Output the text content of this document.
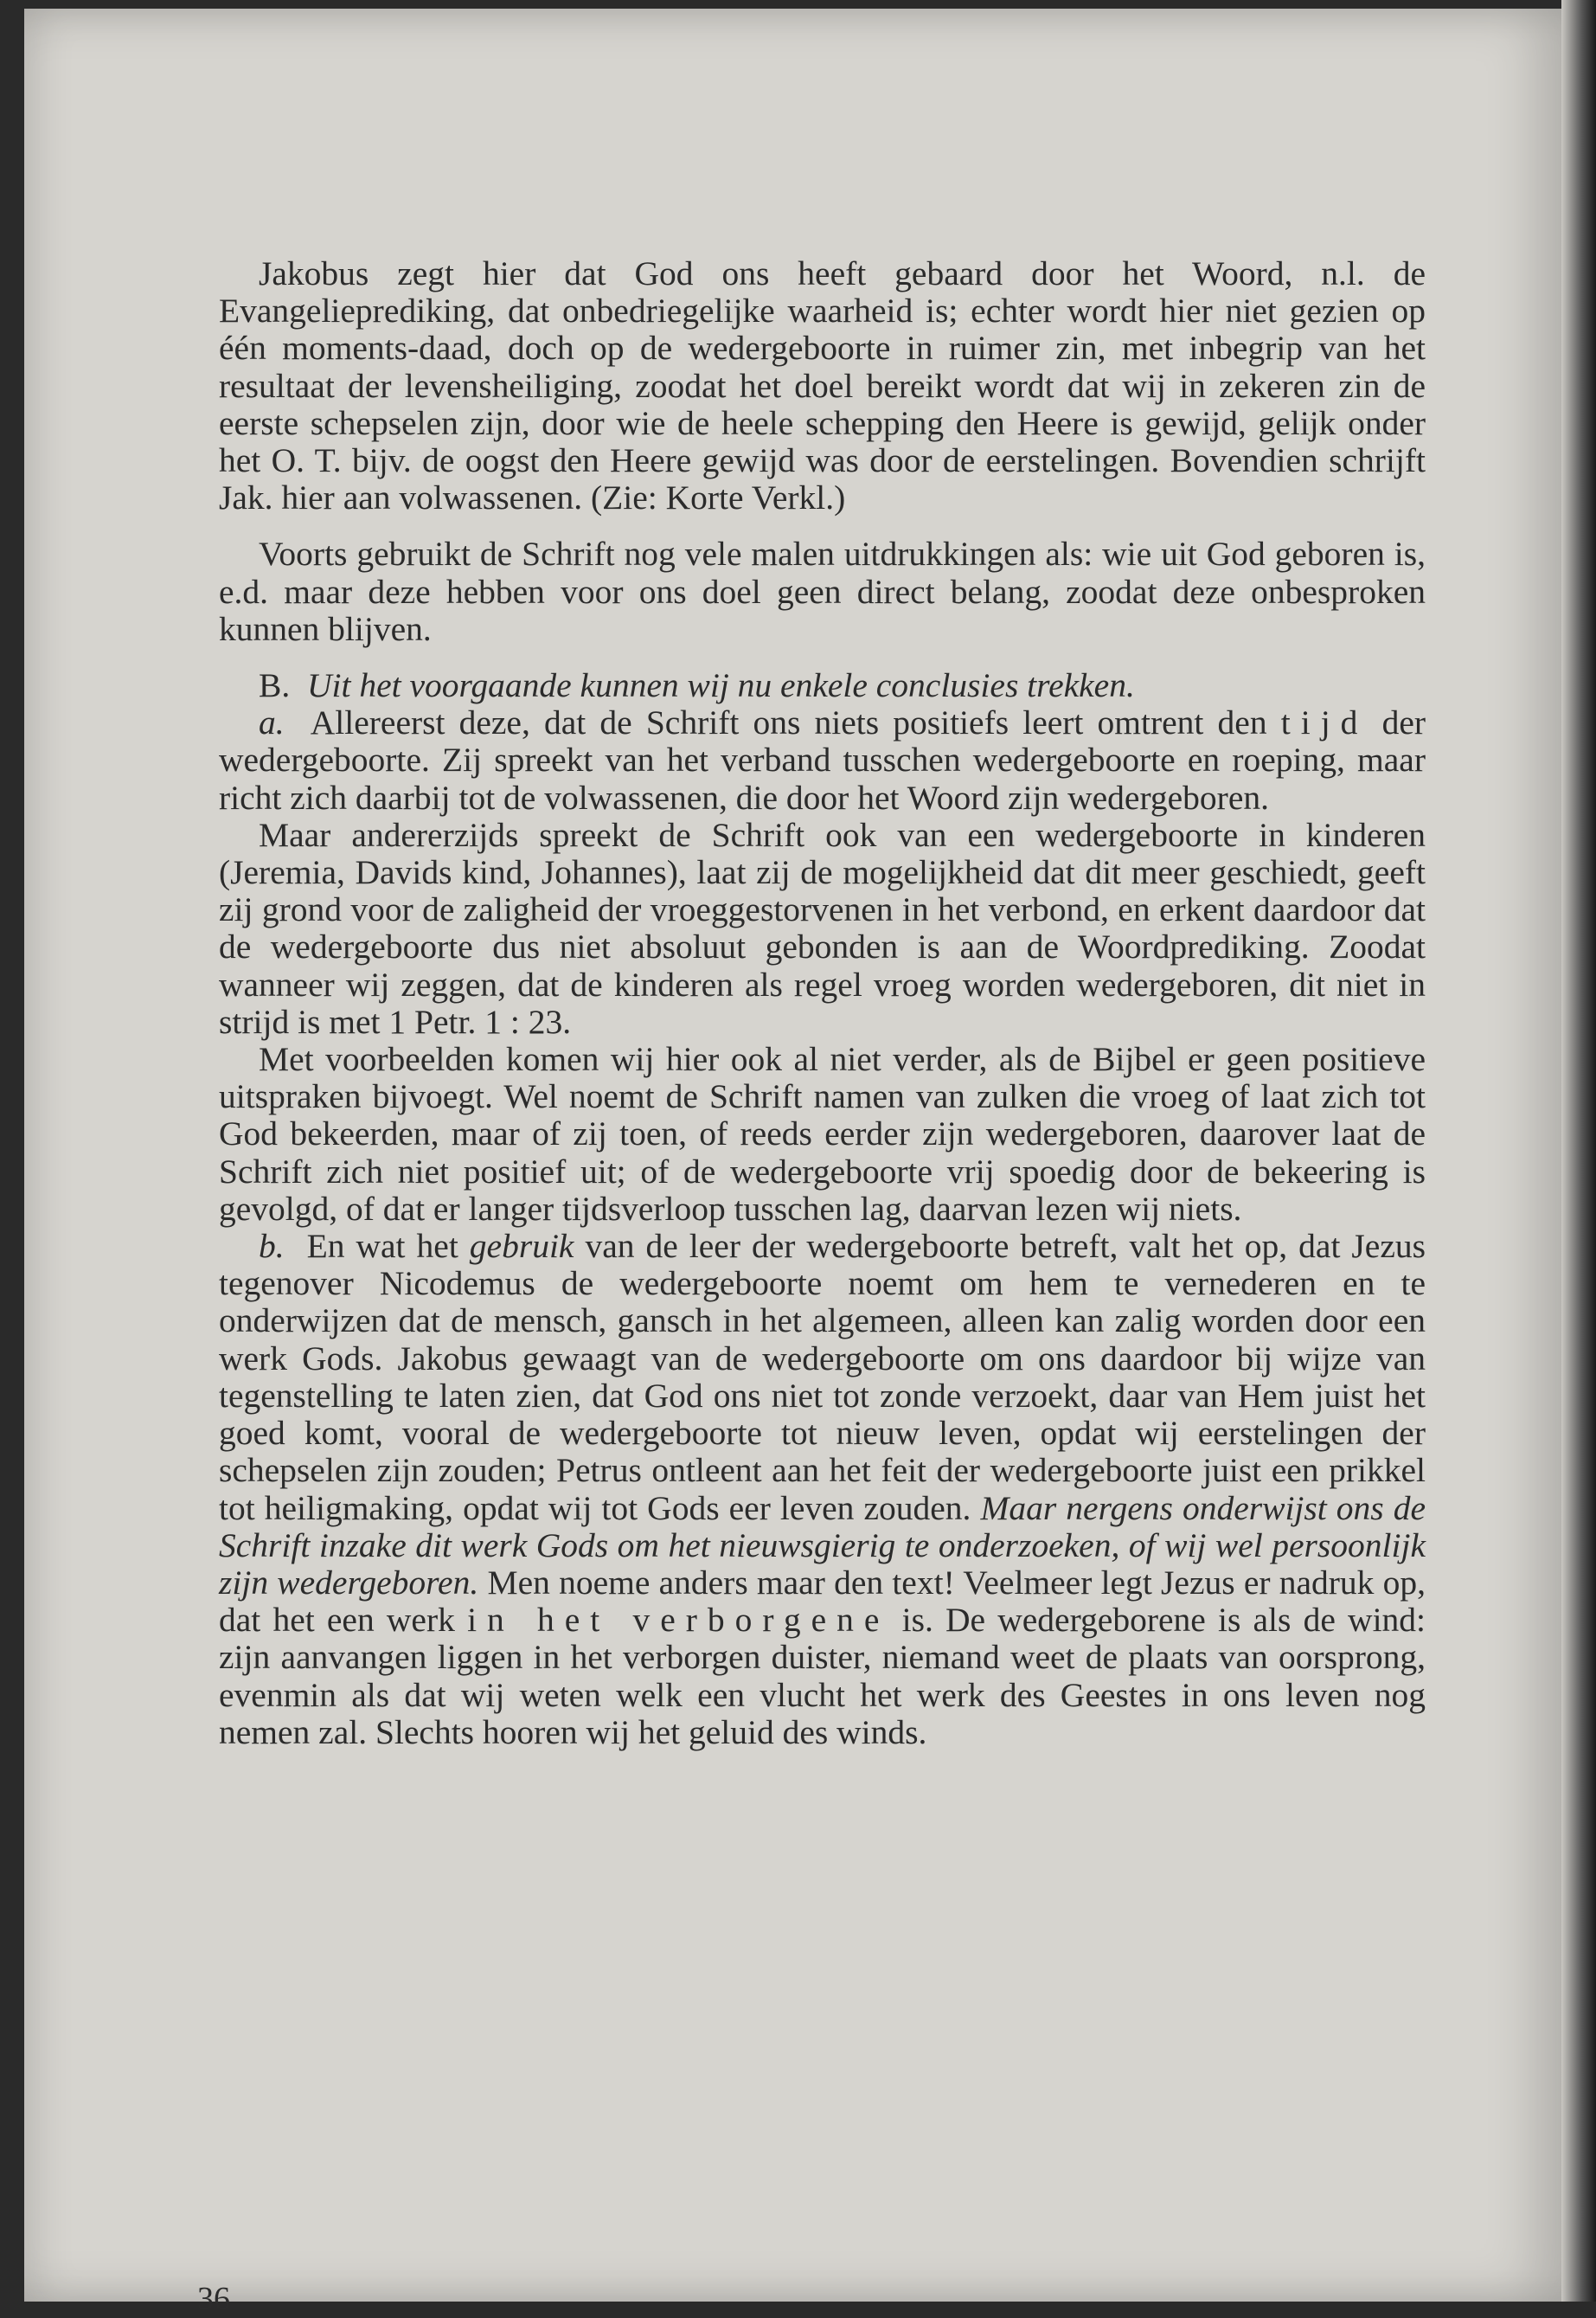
Jakobus zegt hier dat God ons heeft gebaard door het Woord, n.l. de Evangelieprediking, dat onbedriegelijke waarheid is; echter wordt hier niet gezien op één moments-daad, doch op de wedergeboorte in ruimer zin, met inbegrip van het resultaat der levensheiliging, zoodat het doel bereikt wordt dat wij in zekeren zin de eerste schepselen zijn, door wie de heele schepping den Heere is gewijd, gelijk onder het O. T. bijv. de oogst den Heere gewijd was door de eerstelingen. Bovendien schrijft Jak. hier aan volwassenen. (Zie: Korte Verkl.)

Voorts gebruikt de Schrift nog vele malen uitdrukkingen als: wie uit God geboren is, e.d. maar deze hebben voor ons doel geen direct belang, zoodat deze onbesproken kunnen blijven.

B. Uit het voorgaande kunnen wij nu enkele conclusies trekken.

a. Allereerst deze, dat de Schrift ons niets positiefs leert omtrent den tijd der wedergeboorte. Zij spreekt van het verband tusschen wedergeboorte en roeping, maar richt zich daarbij tot de volwassenen, die door het Woord zijn wedergeboren.

Maar andererzijds spreekt de Schrift ook van een wedergeboorte in kinderen (Jeremia, Davids kind, Johannes), laat zij de mogelijkheid dat dit meer geschiedt, geeft zij grond voor de zaligheid der vroeggestorvenen in het verbond, en erkent daardoor dat de wedergeboorte dus niet absoluut gebonden is aan de Woordprediking. Zoodat wanneer wij zeggen, dat de kinderen als regel vroeg worden wedergeboren, dit niet in strijd is met 1 Petr. 1 : 23.

Met voorbeelden komen wij hier ook al niet verder, als de Bijbel er geen positieve uitspraken bijvoegt. Wel noemt de Schrift namen van zulken die vroeg of laat zich tot God bekeerden, maar of zij toen, of reeds eerder zijn wedergeboren, daarover laat de Schrift zich niet positief uit; of de wedergeboorte vrij spoedig door de bekeering is gevolgd, of dat er langer tijdsverloop tusschen lag, daarvan lezen wij niets.

b. En wat het gebruik van de leer der wedergeboorte betreft, valt het op, dat Jezus tegenover Nicodemus de wedergeboorte noemt om hem te vernederen en te onderwijzen dat de mensch, gansch in het algemeen, alleen kan zalig worden door een werk Gods. Jakobus gewaagt van de wedergeboorte om ons daardoor bij wijze van tegenstelling te laten zien, dat God ons niet tot zonde verzoekt, daar van Hem juist het goed komt, vooral de wedergeboorte tot nieuw leven, opdat wij eerstelingen der schepselen zijn zouden; Petrus ontleent aan het feit der wedergeboorte juist een prikkel tot heiligmaking, opdat wij tot Gods eer leven zouden. Maar nergens onderwijst ons de Schrift inzake dit werk Gods om het nieuwsgierig te onderzoeken, of wij wel persoonlijk zijn wedergeboren. Men noeme anders maar den text! Veelmeer legt Jezus er nadruk op, dat het een werk in het verborgene is. De wedergeborene is als de wind: zijn aanvangen liggen in het verborgen duister, niemand weet de plaats van oorsprong, evenmin als dat wij weten welk een vlucht het werk des Geestes in ons leven nog nemen zal. Slechts hooren wij het geluid des winds.

36
